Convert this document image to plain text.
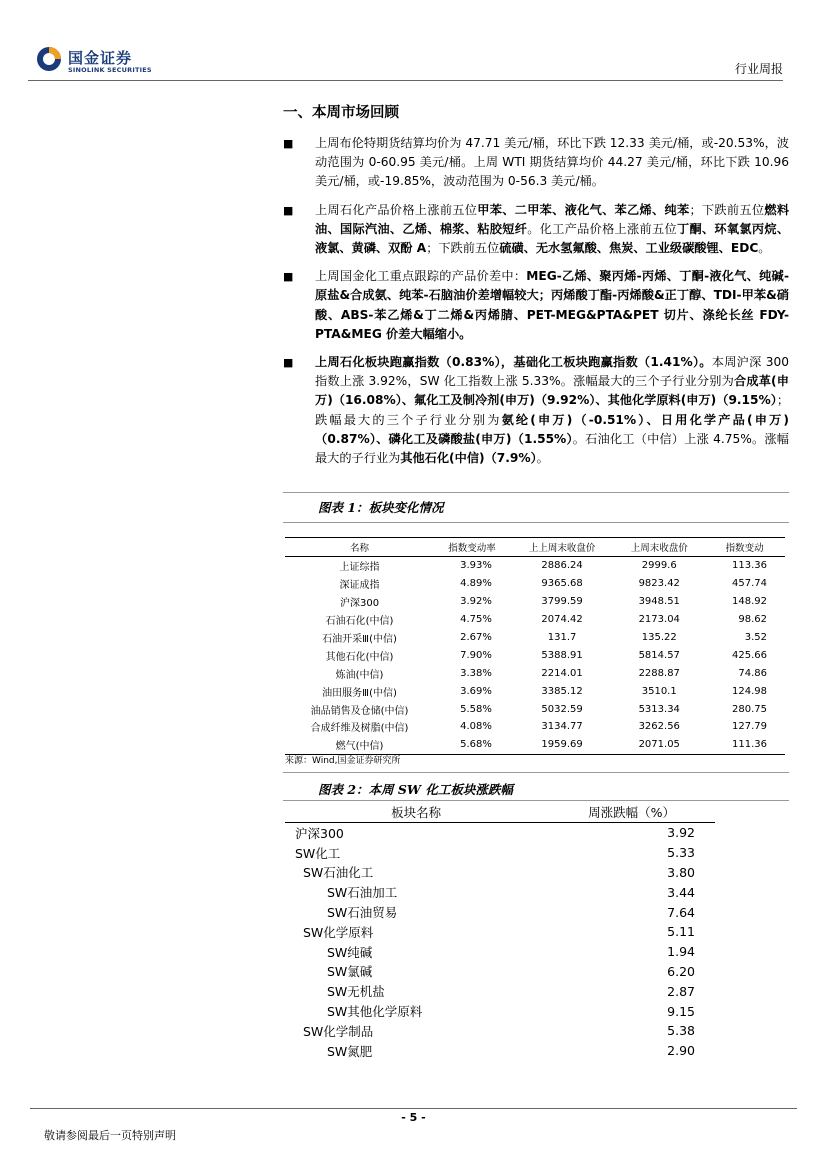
国金证券
SINOLINK SECURITIES	行业周报
一、本周市场回顾
■ 上周布伦特期货结算均价为 47.71 美元/桶，环比下跌 12.33 美元/桶，或-20.53%，波动范围为 0-60.95 美元/桶。上周 WTI 期货结算均价 44.27 美元/桶，环比下跌 10.96 美元/桶，或-19.85%，波动范围为 0-56.3 美元/桶。
■ 上周石化产品价格上涨前五位甲苯、二甲苯、液化气、苯乙烯、纯苯；下跌前五位燃料油、国际汽油、乙烯、棉浆、粘胶短纤。化工产品价格上涨前五位丁酮、环氧氯丙烷、液氯、黄磷、双酚 A；下跌前五位硫磺、无水氢氟酸、焦炭、工业级碳酸锂、EDC。
■ 上周国金化工重点跟踪的产品价差中：MEG-乙烯、聚丙烯-丙烯、丁酮-液化气、纯碱-原盐&合成氨、纯苯-石脑油价差增幅较大；丙烯酸丁酯-丙烯酸&正丁醇、TDI-甲苯&硝酸、ABS-苯乙烯&丁二烯&丙烯腈、PET-MEG&PTA&PET 切片、涤纶长丝 FDY-PTA&MEG 价差大幅缩小。
■ 上周石化板块跑赢指数（0.83%），基础化工板块跑赢指数（1.41%）。本周沪深 300 指数上涨 3.92%，SW 化工指数上涨 5.33%。涨幅最大的三个子行业分别为合成革(申万)（16.08%）、氟化工及制冷剂(申万)（9.92%）、其他化学原料(申万)（9.15%）；跌幅最大的三个子行业分别为氨纶(申万)（-0.51%）、日用化学产品(申万)（0.87%）、磷化工及磷酸盐(申万)（1.55%）。石油化工（中信）上涨 4.75%。涨幅最大的子行业为其他石化(中信)（7.9%）。
图表 1：板块变化情况
名称	指数变动率	上上周末收盘价	上周末收盘价	指数变动
上证综指	3.93%	2886.24	2999.6	113.36
深证成指	4.89%	9365.68	9823.42	457.74
沪深300	3.92%	3799.59	3948.51	148.92
石油石化(中信)	4.75%	2074.42	2173.04	98.62
石油开采Ⅲ(中信)	2.67%	131.7	135.22	3.52
其他石化(中信)	7.90%	5388.91	5814.57	425.66
炼油(中信)	3.38%	2214.01	2288.87	74.86
油田服务Ⅲ(中信)	3.69%	3385.12	3510.1	124.98
油品销售及仓储(中信)	5.58%	5032.59	5313.34	280.75
合成纤维及树脂(中信)	4.08%	3134.77	3262.56	127.79
燃气(中信)	5.68%	1959.69	2071.05	111.36
来源：Wind,国金证券研究所
图表 2：本周 SW 化工板块涨跌幅
板块名称	周涨跌幅（%）
沪深300	3.92
SW化工	5.33
SW石油化工	3.80
SW石油加工	3.44
SW石油贸易	7.64
SW化学原料	5.11
SW纯碱	1.94
SW氯碱	6.20
SW无机盐	2.87
SW其他化学原料	9.15
SW化学制品	5.38
SW氮肥	2.90
- 5 -
敬请参阅最后一页特别声明
